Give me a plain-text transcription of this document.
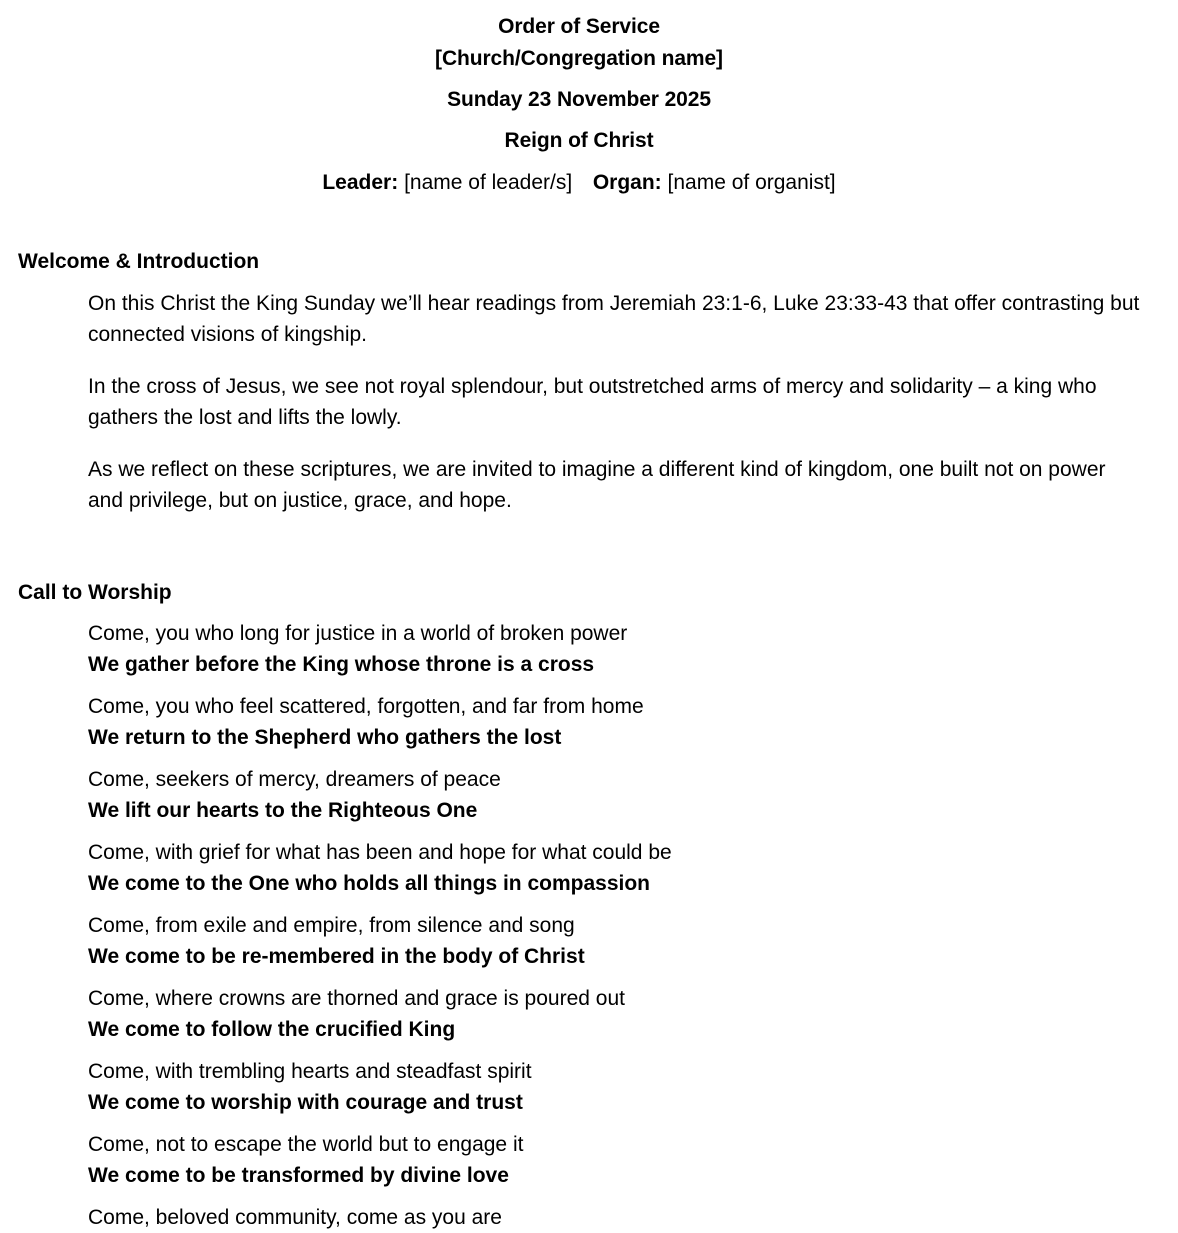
Order of Service
[Church/Congregation name]
Sunday 23 November 2025
Reign of Christ
Leader: [name of leader/s] Organ: [name of organist]
Welcome & Introduction

On this Christ the King Sunday we’ll hear readings from Jeremiah 23:1-6, Luke 23:33-43 that offer contrasting but connected visions of kingship.

In the cross of Jesus, we see not royal splendour, but outstretched arms of mercy and solidarity – a king who gathers the lost and lifts the lowly.

As we reflect on these scriptures, we are invited to imagine a different kind of kingdom, one built not on power and privilege, but on justice, grace, and hope.

Call to Worship
Come, you who long for justice in a world of broken power
We gather before the King whose throne is a cross
Come, you who feel scattered, forgotten, and far from home
We return to the Shepherd who gathers the lost
Come, seekers of mercy, dreamers of peace
We lift our hearts to the Righteous One
Come, with grief for what has been and hope for what could be
We come to the One who holds all things in compassion
Come, from exile and empire, from silence and song
We come to be re-membered in the body of Christ
Come, where crowns are thorned and grace is poured out
We come to follow the crucified King
Come, with trembling hearts and steadfast spirit
We come to worship with courage and trust
Come, not to escape the world but to engage it
We come to be transformed by divine love
Come, beloved community, come as you are
